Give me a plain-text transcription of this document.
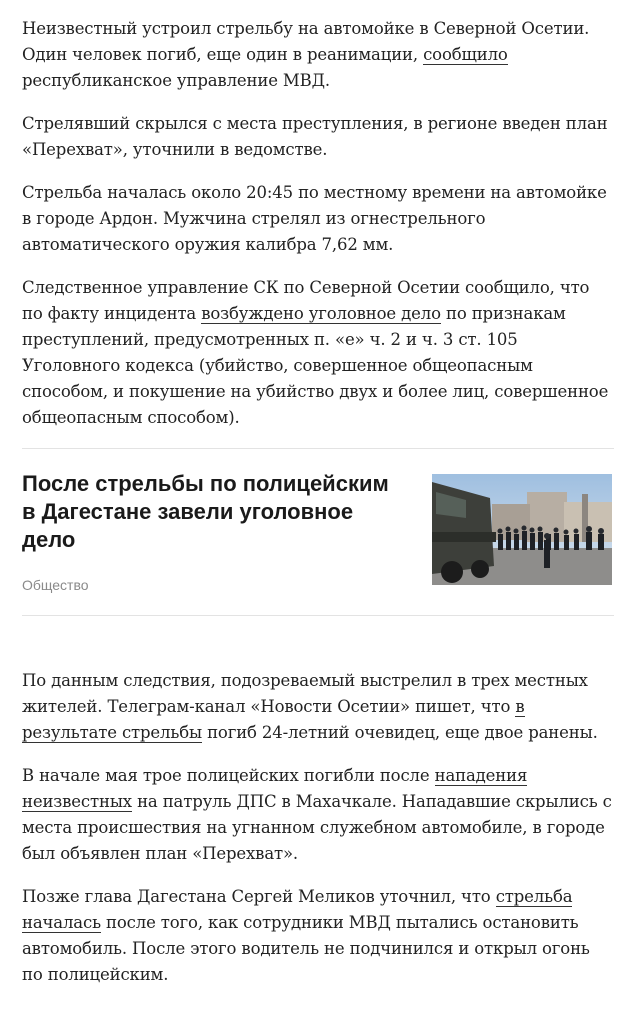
Неизвестный устроил стрельбу на автомойке в Северной Осетии. Один человек погиб, еще один в реанимации, сообщило республиканское управление МВД.

Стрелявший скрылся с места преступления, в регионе введен план «Перехват», уточнили в ведомстве.

Стрельба началась около 20:45 по местному времени на автомойке в городе Ардон. Мужчина стрелял из огнестрельного автоматического оружия калибра 7,62 мм.

Следственное управление СК по Северной Осетии сообщило, что по факту инцидента возбуждено уголовное дело по признакам преступлений, предусмотренных п. «е» ч. 2 и ч. 3 ст. 105 Уголовного кодекса (убийство, совершенное общеопасным способом, и покушение на убийство двух и более лиц, совершенное общеопасным способом).

После стрельбы по полицейским в Дагестане завели уголовное дело
Общество

По данным следствия, подозреваемый выстрелил в трех местных жителей. Телеграм-канал «Новости Осетии» пишет, что в результате стрельбы погиб 24-летний очевидец, еще двое ранены.

В начале мая трое полицейских погибли после нападения неизвестных на патруль ДПС в Махачкале. Нападавшие скрылись с места происшествия на угнанном служебном автомобиле, в городе был объявлен план «Перехват».

Позже глава Дагестана Сергей Меликов уточнил, что стрельба началась после того, как сотрудники МВД пытались остановить автомобиль. После этого водитель не подчинился и открыл огонь по полицейским.
